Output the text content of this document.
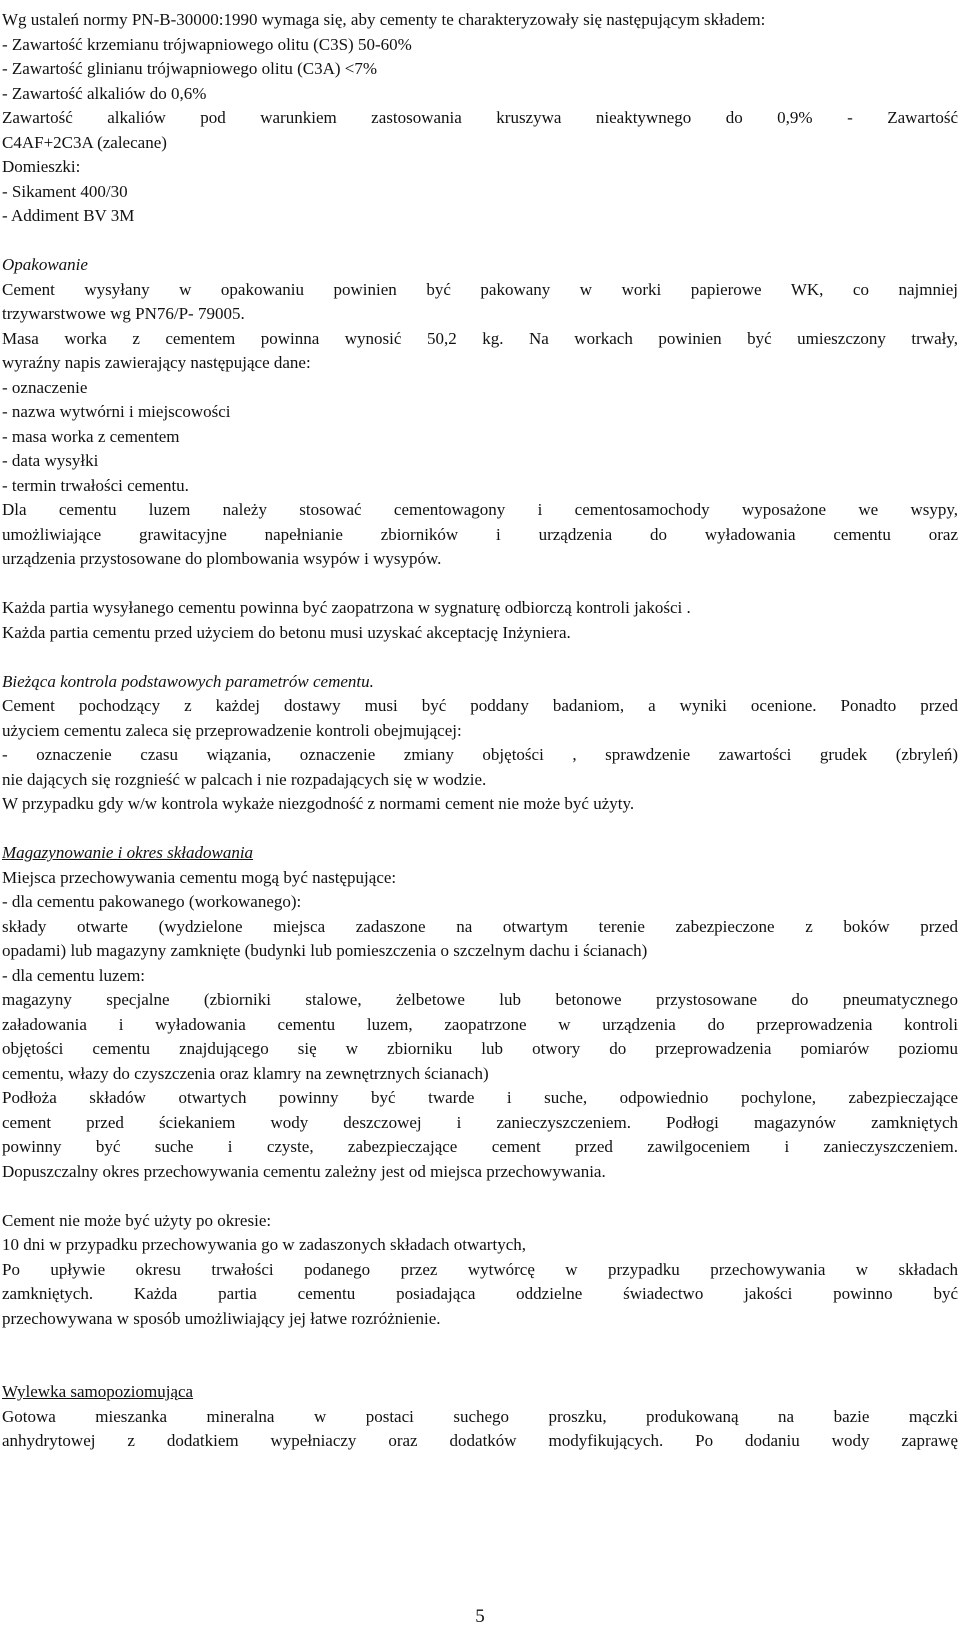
Wg ustaleń normy PN-B-30000:1990 wymaga się, aby cementy te charakteryzowały się następującym składem:
- Zawartość krzemianu trójwapniowego olitu (C3S) 50-60%
- Zawartość glinianu trójwapniowego olitu (C3A) <7%
- Zawartość alkaliów do 0,6%
Zawartość alkaliów pod warunkiem zastosowania kruszywa nieaktywnego do 0,9% - Zawartość
C4AF+2C3A (zalecane)
Domieszki:
- Sikament 400/30
- Addiment BV 3M
Opakowanie
Cement wysyłany w opakowaniu powinien być pakowany w worki papierowe WK, co najmniej
trzywarstwowe wg PN76/P- 79005.
Masa worka z cementem powinna wynosić 50,2 kg. Na workach powinien być umieszczony trwały,
wyraźny napis zawierający następujące dane:
- oznaczenie
- nazwa wytwórni i miejscowości
- masa worka z cementem
- data wysyłki
- termin trwałości cementu.
Dla cementu luzem należy stosować cementowagony i cementosamochody wyposażone we wsypy,
umożliwiające grawitacyjne napełnianie zbiorników i urządzenia do wyładowania cementu oraz
urządzenia przystosowane do plombowania wsypów i wysypów.
Każda partia wysyłanego cementu powinna być zaopatrzona w sygnaturę odbiorczą kontroli jakości .
Każda partia cementu przed użyciem do betonu musi uzyskać akceptację Inżyniera.
Bieżąca kontrola podstawowych parametrów cementu.
Cement pochodzący z każdej dostawy musi być poddany badaniom, a wyniki ocenione. Ponadto przed
użyciem cementu zaleca się przeprowadzenie kontroli obejmującej:
- oznaczenie czasu wiązania, oznaczenie zmiany objętości , sprawdzenie zawartości grudek (zbryleń)
nie dających się rozgnieść w palcach i nie rozpadających się w wodzie.
W przypadku gdy w/w kontrola wykaże niezgodność z normami cement nie może być użyty.
Magazynowanie i okres składowania
Miejsca przechowywania cementu mogą być następujące:
- dla cementu pakowanego (workowanego):
składy otwarte (wydzielone miejsca zadaszone na otwartym terenie zabezpieczone z boków przed
opadami) lub magazyny zamknięte (budynki lub pomieszczenia o szczelnym dachu i ścianach)
- dla cementu luzem:
magazyny specjalne (zbiorniki stalowe, żelbetowe lub betonowe przystosowane do pneumatycznego
załadowania i wyładowania cementu luzem, zaopatrzone w urządzenia do przeprowadzenia kontroli
objętości cementu znajdującego się w zbiorniku lub otwory do przeprowadzenia pomiarów poziomu
cementu, włazy do czyszczenia oraz klamry na zewnętrznych ścianach)
Podłoża składów otwartych powinny być twarde i suche, odpowiednio pochylone, zabezpieczające
cement przed ściekaniem wody deszczowej i zanieczyszczeniem. Podłogi magazynów zamkniętych
powinny być suche i czyste, zabezpieczające cement przed zawilgoceniem i zanieczyszczeniem.
Dopuszczalny okres przechowywania cementu zależny jest od miejsca przechowywania.
Cement nie może być użyty po okresie:
10 dni w przypadku przechowywania go w zadaszonych składach otwartych,
Po upływie okresu trwałości podanego przez wytwórcę w przypadku przechowywania w składach
zamkniętych. Każda partia cementu posiadająca oddzielne świadectwo jakości powinno być
przechowywana w sposób umożliwiający jej łatwe rozróżnienie.
Wylewka samopoziomująca
Gotowa mieszanka mineralna w postaci suchego proszku, produkowaną na bazie mączki
anhydrytowej z dodatkiem wypełniaczy oraz dodatków modyfikujących. Po dodaniu wody zaprawę
5
